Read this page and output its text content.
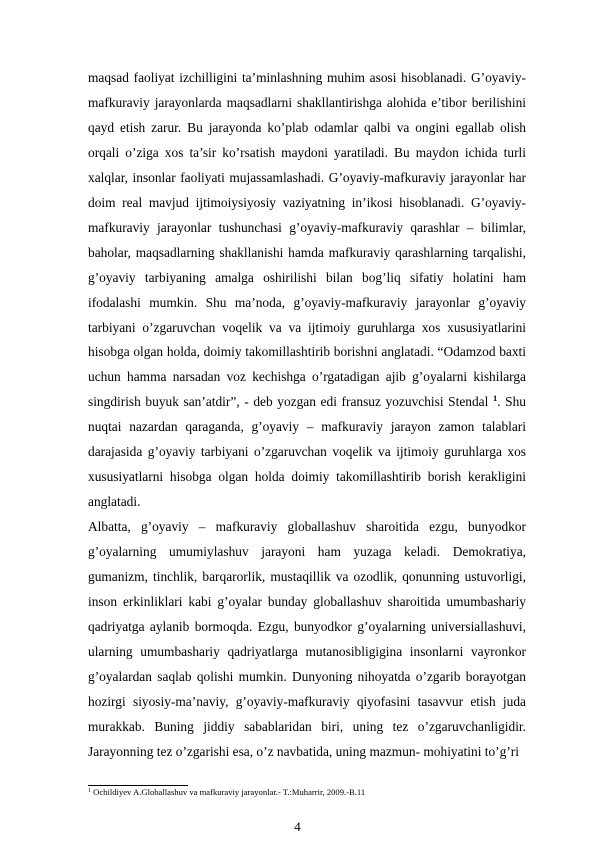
maqsad faoliyat izchilligini ta’minlashning muhim asosi hisoblanadi. G’oyaviy-mafkuraviy jarayonlarda maqsadlarni shakllantirishga alohida e’tibor berilishini qayd etish zarur. Bu jarayonda ko’plab odamlar qalbi va ongini egallab olish orqali o’ziga xos ta’sir ko’rsatish maydoni yaratiladi. Bu maydon ichida turli xalqlar, insonlar faoliyati mujassamlashadi. G’oyaviy-mafkuraviy jarayonlar har doim real mavjud ijtimoiysiyosiy vaziyatning in’ikosi hisoblanadi. G’oyaviy-mafkuraviy jarayonlar tushunchasi g’oyaviy-mafkuraviy qarashlar – bilimlar, baholar, maqsadlarning shakllanishi hamda mafkuraviy qarashlarning tarqalishi, g’oyaviy tarbiyaning amalga oshirilishi bilan bog’liq sifatiy holatini ham ifodalashi mumkin. Shu ma’noda, g’oyaviy-mafkuraviy jarayonlar g’oyaviy tarbiyani o’zgaruvchan voqelik va va ijtimoiy guruhlarga xos xususiyatlarini hisobga olgan holda, doimiy takomillashtirib borishni anglatadi. “Odamzod baxti uchun hamma narsadan voz kechishga o’rgatadigan ajib g’oyalarni kishilarga singdirish buyuk san’atdir”, - deb yozgan edi fransuz yozuvchisi Stendal $^1$. Shu nuqtai nazardan qaraganda, g’oyaviy – mafkuraviy jarayon zamon talablari darajasida g’oyaviy tarbiyani o’zgaruvchan voqelik va ijtimoiy guruhlarga xos xususiyatlarni hisobga olgan holda doimiy takomillashtirib borish kerakligini anglatadi.

Albatta, g’oyaviy – mafkuraviy globallashuv sharoitida ezgu, bunyodkor g’oyalarning umumiylashuv jarayoni ham yuzaga keladi. Demokratiya, gumanizm, tinchlik, barqarorlik, mustaqillik va ozodlik, qonunning ustuvorligi, inson erkinliklari kabi g’oyalar bunday globallashuv sharoitida umumbashariy qadriyatga aylanib bormoqda. Ezgu, bunyodkor g’oyalarning universiallashuvi, ularning umumbashariy qadriyatlarga mutanosibligigina insonlarni vayronkor g’oyalardan saqlab qolishi mumkin. Dunyoning nihoyatda o’zgarib borayotgan hozirgi siyosiy-ma’naviy, g’oyaviy-mafkuraviy qiyofasini tasavvur etish juda murakkab. Buning jiddiy sabablaridan biri, uning tez o’zgaruvchanligidir. Jarayonning tez o’zgarishi esa, o’z navbatida, uning mazmun- mohiyatini to’g’ri

$^1$ Ochildiyev A.Globallashuv va mafkuraviy jarayonlar.- T.:Muharrir, 2009.-B.11

4
